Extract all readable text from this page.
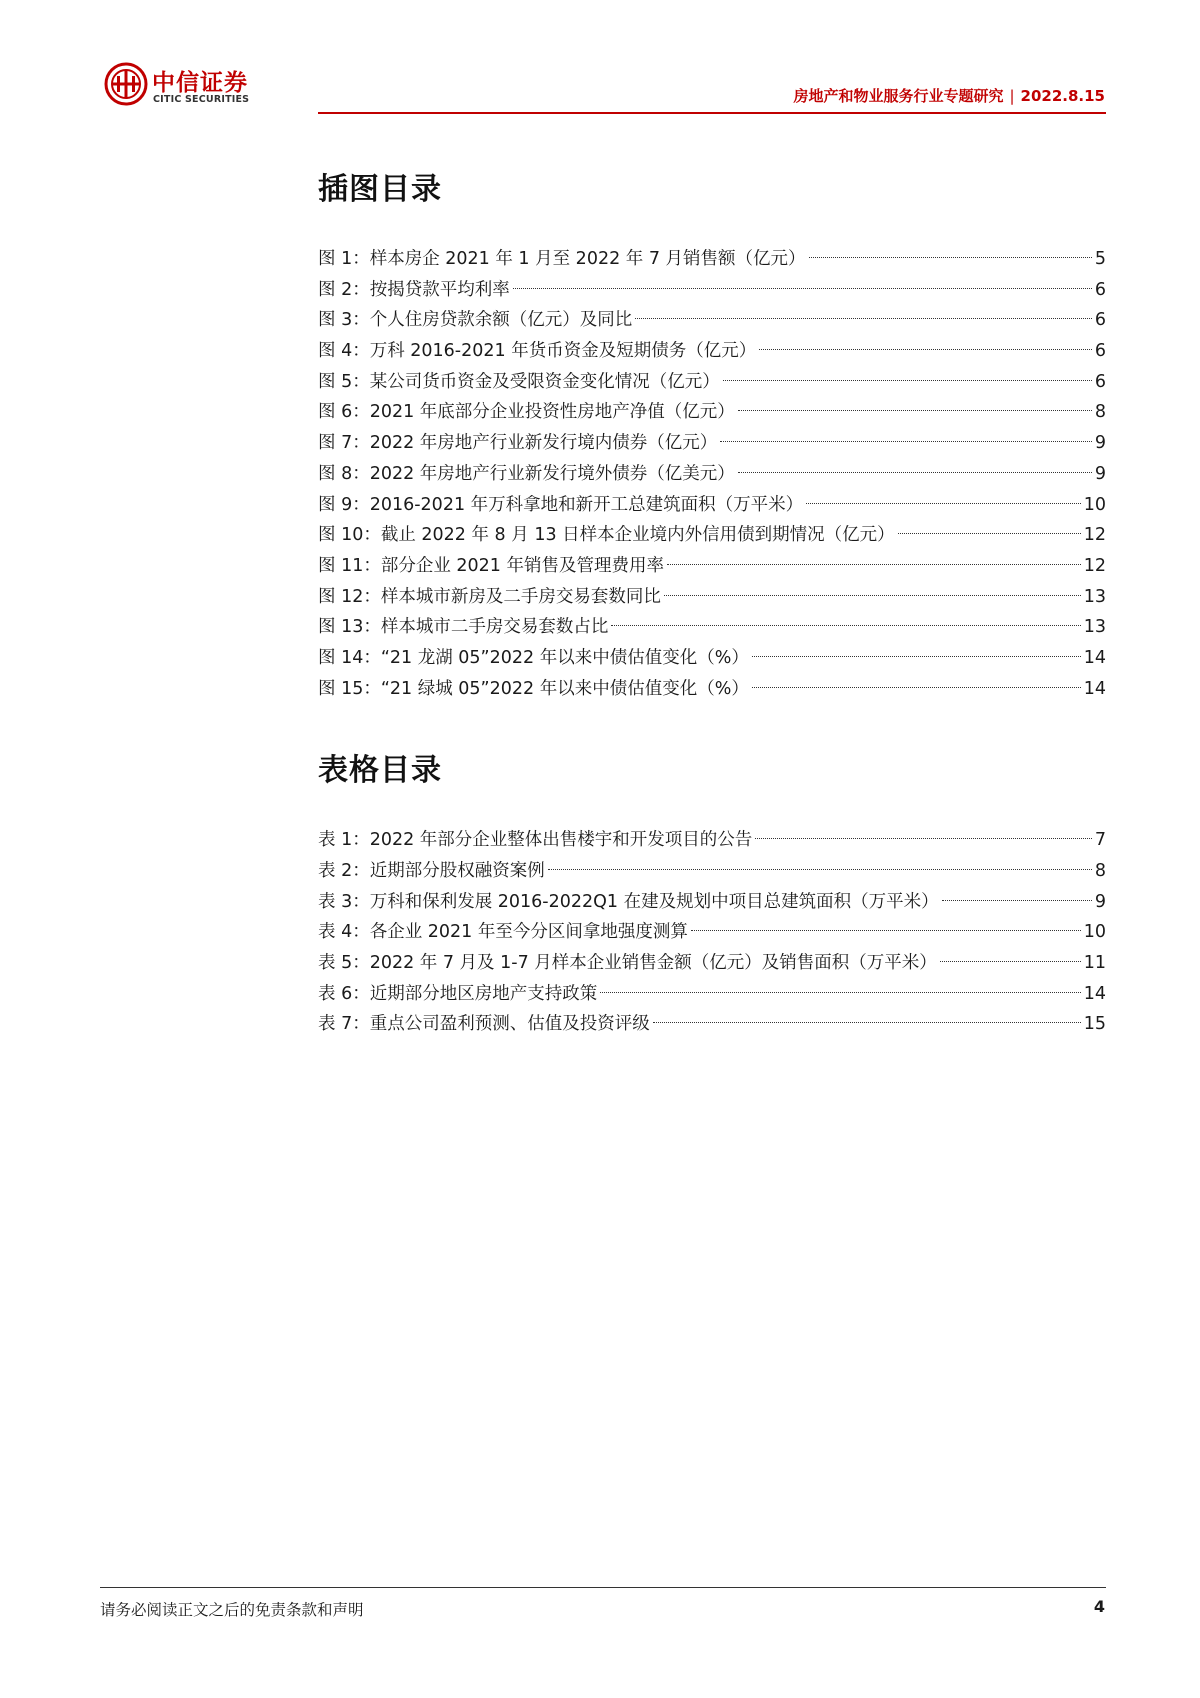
中信证券
CITIC SECURITIES	房地产和物业服务行业专题研究 | 2022.8.15
插图目录
图 1：样本房企 2021 年 1 月至 2022 年 7 月销售额（亿元）	5
图 2：按揭贷款平均利率	6
图 3：个人住房贷款余额（亿元）及同比	6
图 4：万科 2016-2021 年货币资金及短期债务（亿元）	6
图 5：某公司货币资金及受限资金变化情况（亿元）	6
图 6：2021 年底部分企业投资性房地产净值（亿元）	8
图 7：2022 年房地产行业新发行境内债券（亿元）	9
图 8：2022 年房地产行业新发行境外债券（亿美元）	9
图 9：2016-2021 年万科拿地和新开工总建筑面积（万平米）	10
图 10：截止 2022 年 8 月 13 日样本企业境内外信用债到期情况（亿元）	12
图 11：部分企业 2021 年销售及管理费用率	12
图 12：样本城市新房及二手房交易套数同比	13
图 13：样本城市二手房交易套数占比	13
图 14：“21 龙湖 05”2022 年以来中债估值变化（%）	14
图 15：“21 绿城 05”2022 年以来中债估值变化（%）	14
表格目录
表 1：2022 年部分企业整体出售楼宇和开发项目的公告	7
表 2：近期部分股权融资案例	8
表 3：万科和保利发展 2016-2022Q1 在建及规划中项目总建筑面积（万平米）	9
表 4：各企业 2021 年至今分区间拿地强度测算	10
表 5：2022 年 7 月及 1-7 月样本企业销售金额（亿元）及销售面积（万平米）	11
表 6：近期部分地区房地产支持政策	14
表 7：重点公司盈利预测、估值及投资评级	15
请务必阅读正文之后的免责条款和声明	4
